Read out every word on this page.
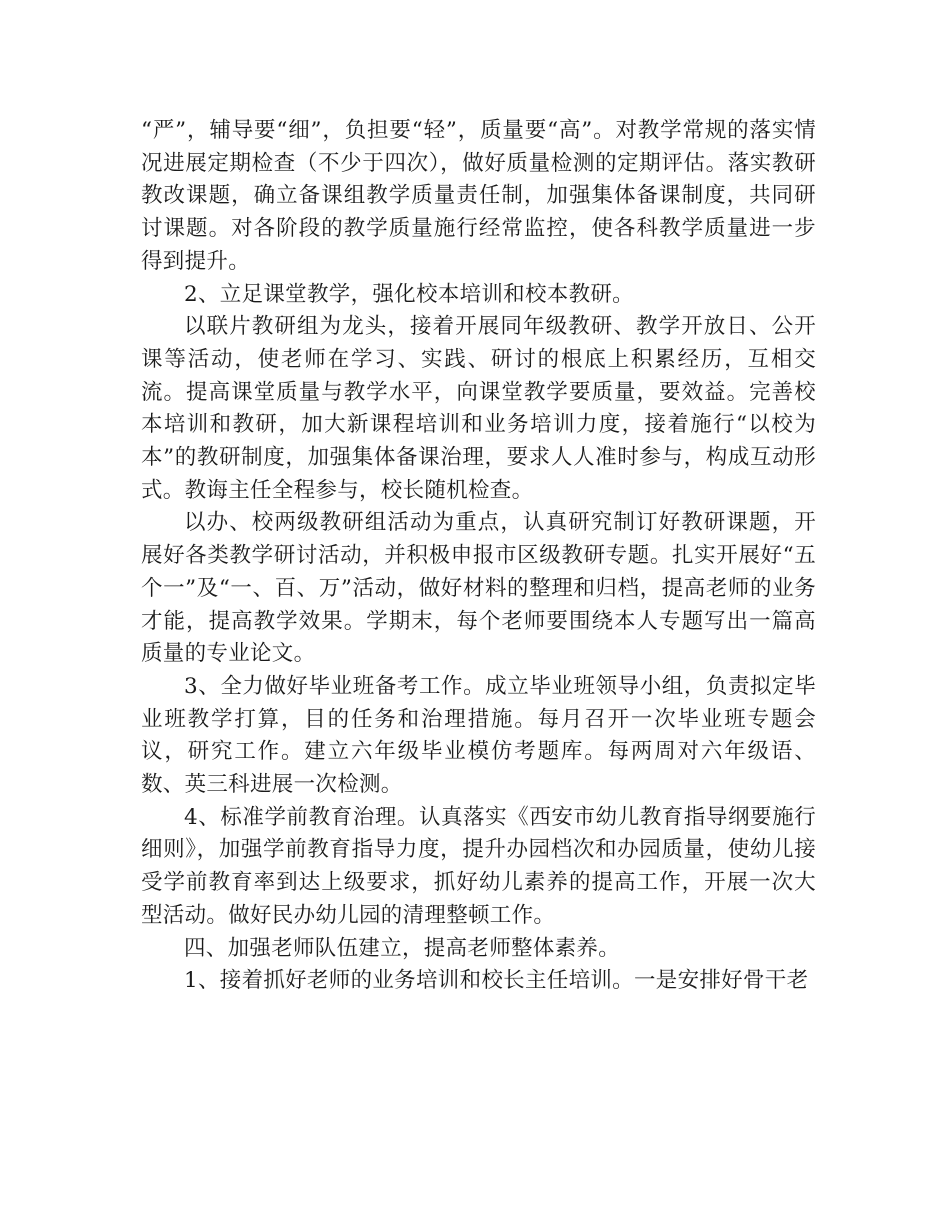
“严”，辅导要“细”，负担要“轻”，质量要“高”。对教学常规的落实情况进展定期检查（不少于四次），做好质量检测的定期评估。落实教研教改课题，确立备课组教学质量责任制，加强集体备课制度，共同研讨课题。对各阶段的教学质量施行经常监控，使各科教学质量进一步得到提升。

2、立足课堂教学，强化校本培训和校本教研。

以联片教研组为龙头，接着开展同年级教研、教学开放日、公开课等活动，使老师在学习、实践、研讨的根底上积累经历，互相交流。提高课堂质量与教学水平，向课堂教学要质量，要效益。完善校本培训和教研，加大新课程培训和业务培训力度，接着施行“以校为本”的教研制度，加强集体备课治理，要求人人准时参与，构成互动形式。教诲主任全程参与，校长随机检查。

以办、校两级教研组活动为重点，认真研究制订好教研课题，开展好各类教学研讨活动，并积极申报市区级教研专题。扎实开展好“五个一”及“一、百、万”活动，做好材料的整理和归档，提高老师的业务才能，提高教学效果。学期末，每个老师要围绕本人专题写出一篇高质量的专业论文。

3、全力做好毕业班备考工作。成立毕业班领导小组，负责拟定毕业班教学打算，目的任务和治理措施。每月召开一次毕业班专题会议，研究工作。建立六年级毕业模仿考题库。每两周对六年级语、数、英三科进展一次检测。

4、标准学前教育治理。认真落实《西安市幼儿教育指导纲要施行细则》，加强学前教育指导力度，提升办园档次和办园质量，使幼儿接受学前教育率到达上级要求，抓好幼儿素养的提高工作，开展一次大型活动。做好民办幼儿园的清理整顿工作。

四、加强老师队伍建立，提高老师整体素养。

1、接着抓好老师的业务培训和校长主任培训。一是安排好骨干老
